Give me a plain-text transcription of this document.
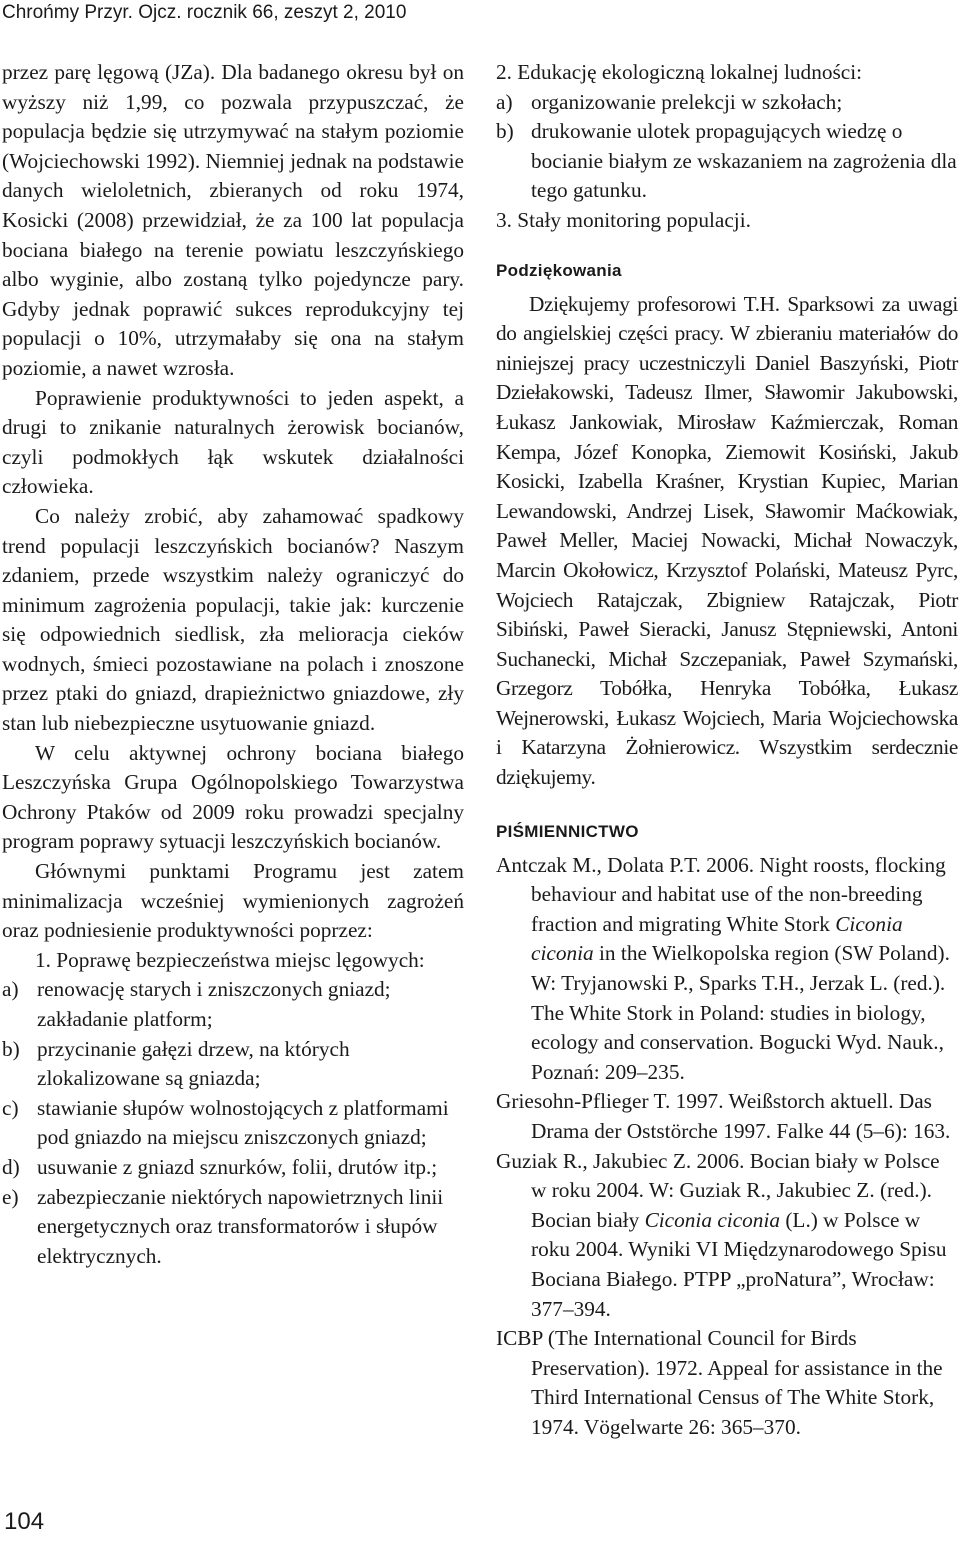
Chrońmy Przyr. Ojcz. rocznik 66, zeszyt 2, 2010

przez parę lęgową (JZa). Dla badanego okresu był on wyższy niż 1,99, co pozwala przypuszczać, że populacja będzie się utrzymywać na stałym poziomie (Wojciechowski 1992). Niemniej jednak na podstawie danych wieloletnich, zbieranych od roku 1974, Kosicki (2008) przewidział, że za 100 lat populacja bociana białego na terenie powiatu leszczyńskiego albo wyginie, albo zostaną tylko pojedyncze pary. Gdyby jednak poprawić sukces reprodukcyjny tej populacji o 10%, utrzymałaby się ona na stałym poziomie, a nawet wzrosła.

Poprawienie produktywności to jeden aspekt, a drugi to znikanie naturalnych żerowisk bocianów, czyli podmokłych łąk wskutek działalności człowieka.

Co należy zrobić, aby zahamować spadkowy trend populacji leszczyńskich bocianów? Naszym zdaniem, przede wszystkim należy ograniczyć do minimum zagrożenia populacji, takie jak: kurczenie się odpowiednich siedlisk, zła melioracja cieków wodnych, śmieci pozostawiane na polach i znoszone przez ptaki do gniazd, drapieżnictwo gniazdowe, zły stan lub niebezpieczne usytuowanie gniazd.

W celu aktywnej ochrony bociana białego Leszczyńska Grupa Ogólnopolskiego Towarzystwa Ochrony Ptaków od 2009 roku prowadzi specjalny program poprawy sytuacji leszczyńskich bocianów.

Głównymi punktami Programu jest zatem minimalizacja wcześniej wymienionych zagrożeń oraz podniesienie produktywności poprzez:

1. Poprawę bezpieczeństwa miejsc lęgowych:

a) renowację starych i zniszczonych gniazd; zakładanie platform;
b) przycinanie gałęzi drzew, na których zlokalizowane są gniazda;
c) stawianie słupów wolnostojących z platformami pod gniazdo na miejscu zniszczonych gniazd;
d) usuwanie z gniazd sznurków, folii, drutów itp.;
e) zabezpieczanie niektórych napowietrznych linii energetycznych oraz transformatorów i słupów elektrycznych.

2. Edukację ekologiczną lokalnej ludności:

a) organizowanie prelekcji w szkołach;
b) drukowanie ulotek propagujących wiedzę o bocianie białym ze wskazaniem na zagrożenia dla tego gatunku.

3. Stały monitoring populacji.

Podziękowania

Dziękujemy profesorowi T.H. Sparksowi za uwagi do angielskiej części pracy. W zbieraniu materiałów do niniejszej pracy uczestniczyli Daniel Baszyński, Piotr Dziełakowski, Tadeusz Ilmer, Sławomir Jakubowski, Łukasz Jankowiak, Mirosław Kaźmierczak, Roman Kempa, Józef Konopka, Ziemowit Kosiński, Jakub Kosicki, Izabella Kraśner, Krystian Kupiec, Marian Lewandowski, Andrzej Lisek, Sławomir Maćkowiak, Paweł Meller, Maciej Nowacki, Michał Nowaczyk, Marcin Okołowicz, Krzysztof Polański, Mateusz Pyrc, Wojciech Ratajczak, Zbigniew Ratajczak, Piotr Sibiński, Paweł Sieracki, Janusz Stępniewski, Antoni Suchanecki, Michał Szczepaniak, Paweł Szymański, Grzegorz Tobółka, Henryka Tobółka, Łukasz Wejnerowski, Łukasz Wojciech, Maria Wojciechowska i Katarzyna Żołnierowicz. Wszystkim serdecznie dziękujemy.

PIŚMIENNICTWO

Antczak M., Dolata P.T. 2006. Night roosts, flocking behaviour and habitat use of the non-breeding fraction and migrating White Stork Ciconia ciconia in the Wielkopolska region (SW Poland). W: Tryjanowski P., Sparks T.H., Jerzak L. (red.). The White Stork in Poland: studies in biology, ecology and conservation. Bogucki Wyd. Nauk., Poznań: 209–235.

Griesohn-Pflieger T. 1997. Weißstorch aktuell. Das Drama der Oststörche 1997. Falke 44 (5–6): 163.

Guziak R., Jakubiec Z. 2006. Bocian biały w Polsce w roku 2004. W: Guziak R., Jakubiec Z. (red.). Bocian biały Ciconia ciconia (L.) w Polsce w roku 2004. Wyniki VI Międzynarodowego Spisu Bociana Białego. PTPP „proNatura”, Wrocław: 377–394.

ICBP (The International Council for Birds Preservation). 1972. Appeal for assistance in the Third International Census of The White Stork, 1974. Vögelwarte 26: 365–370.

104
